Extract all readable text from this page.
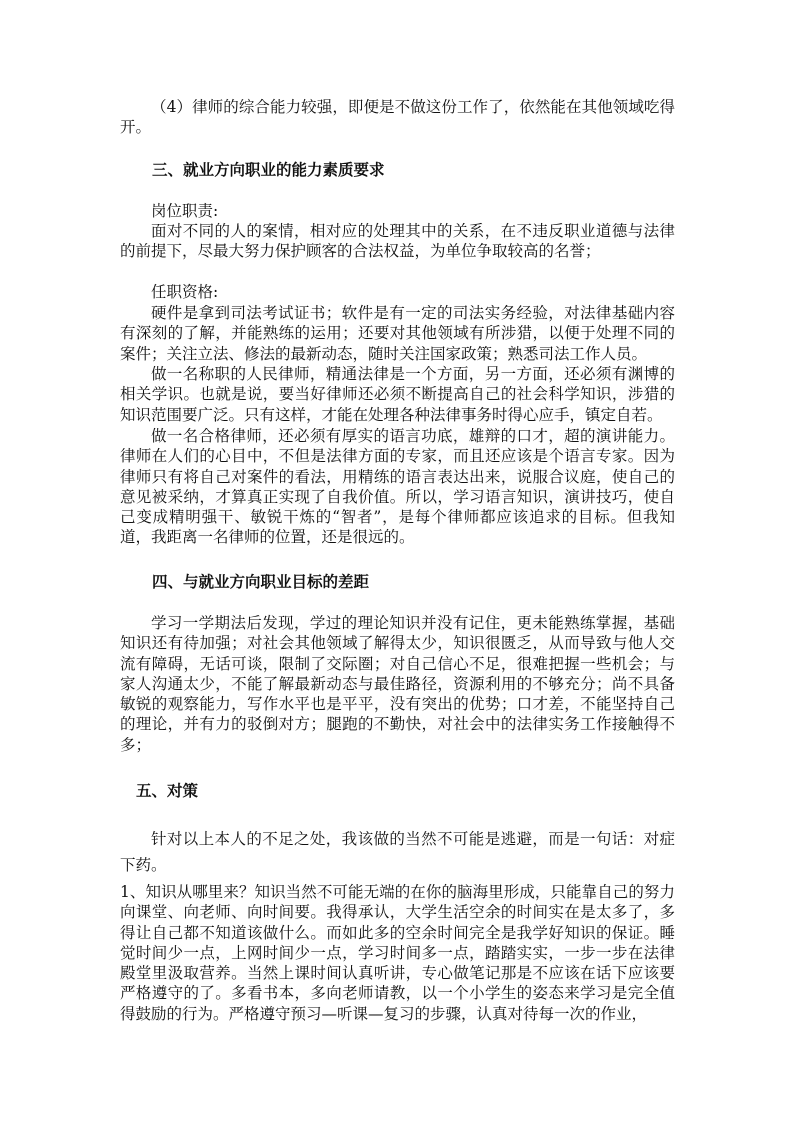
（4）律师的综合能力较强，即便是不做这份工作了，依然能在其他领域吃得开。

三、就业方向职业的能力素质要求

岗位职责:

面对不同的人的案情，相对应的处理其中的关系，在不违反职业道德与法律的前提下，尽最大努力保护顾客的合法权益，为单位争取较高的名誉；

任职资格:

硬件是拿到司法考试证书；软件是有一定的司法实务经验，对法律基础内容有深刻的了解，并能熟练的运用；还要对其他领域有所涉猎，以便于处理不同的案件；关注立法、修法的最新动态，随时关注国家政策；熟悉司法工作人员。

做一名称职的人民律师，精通法律是一个方面，另一方面，还必须有渊博的相关学识。也就是说，要当好律师还必须不断提高自己的社会科学知识，涉猎的知识范围要广泛。只有这样，才能在处理各种法律事务时得心应手，镇定自若。

做一名合格律师，还必须有厚实的语言功底，雄辩的口才，超的演讲能力。律师在人们的心目中，不但是法律方面的专家，而且还应该是个语言专家。因为律师只有将自己对案件的看法，用精练的语言表达出来，说服合议庭，使自己的意见被采纳，才算真正实现了自我价值。所以，学习语言知识，演讲技巧，使自己变成精明强干、敏锐干炼的“智者”，是每个律师都应该追求的目标。但我知道，我距离一名律师的位置，还是很远的。

四、与就业方向职业目标的差距

学习一学期法后发现，学过的理论知识并没有记住，更未能熟练掌握，基础知识还有待加强；对社会其他领域了解得太少，知识很匮乏，从而导致与他人交流有障碍，无话可谈，限制了交际圈；对自己信心不足，很难把握一些机会；与家人沟通太少，不能了解最新动态与最佳路径，资源利用的不够充分；尚不具备敏锐的观察能力，写作水平也是平平，没有突出的优势；口才差，不能坚持自己的理论，并有力的驳倒对方；腿跑的不勤快，对社会中的法律实务工作接触得不多；

五、对策

针对以上本人的不足之处，我该做的当然不可能是逃避，而是一句话：对症下药。

1、知识从哪里来？知识当然不可能无端的在你的脑海里形成，只能靠自己的努力向课堂、向老师、向时间要。我得承认，大学生活空余的时间实在是太多了，多得让自己都不知道该做什么。而如此多的空余时间完全是我学好知识的保证。睡觉时间少一点，上网时间少一点，学习时间多一点，踏踏实实，一步一步在法律殿堂里汲取营养。当然上课时间认真听讲，专心做笔记那是不应该在话下应该要严格遵守的了。多看书本，多向老师请教，以一个小学生的姿态来学习是完全值得鼓励的行为。严格遵守预习—听课—复习的步骤，认真对待每一次的作业，
